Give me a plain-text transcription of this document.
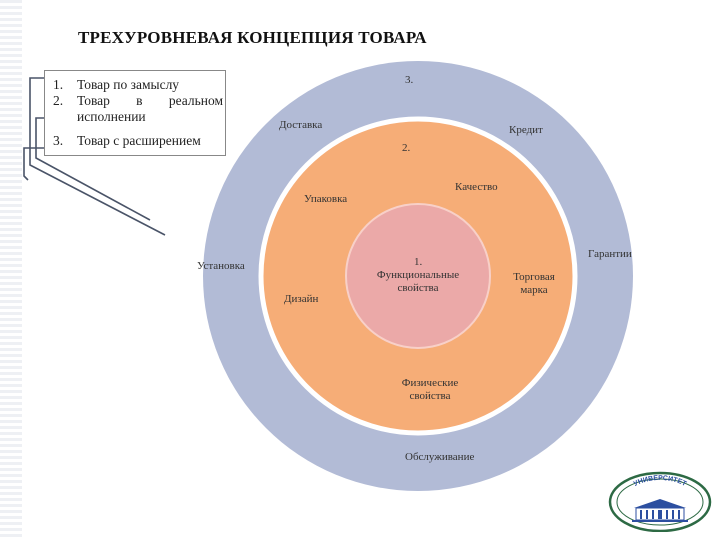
ТРЕХУРОВНЕВАЯ КОНЦЕПЦИЯ ТОВАРА
1.	Товар по замыслу
2.	Товар в реальном исполнении
3.	Товар с расширением
3.
Доставка	Кредит
Установка
Гарантии
Обслуживание
2.
Качество
Упаковка
Дизайн
Торговая марка
Физические свойства
1.
Функциональные свойства
УНИВЕРСИТЕТ
